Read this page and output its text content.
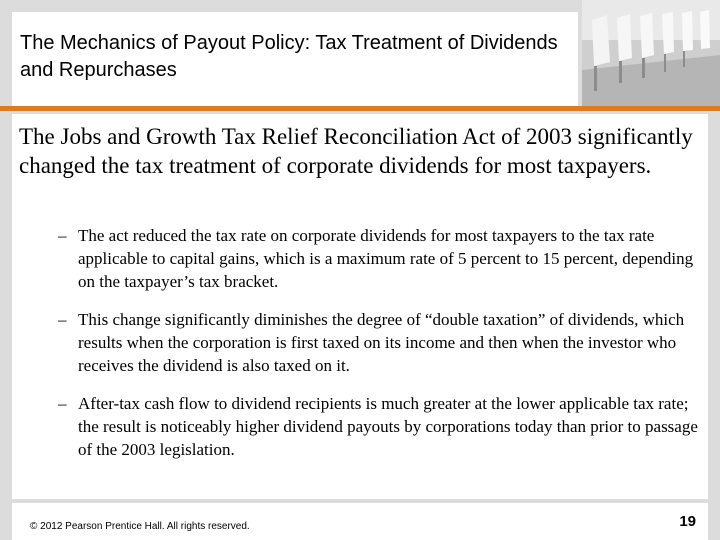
The Mechanics of Payout Policy: Tax Treatment of Dividends and Repurchases

The Jobs and Growth Tax Relief Reconciliation Act of 2003 significantly changed the tax treatment of corporate dividends for most taxpayers.

– The act reduced the tax rate on corporate dividends for most taxpayers to the tax rate applicable to capital gains, which is a maximum rate of 5 percent to 15 percent, depending on the taxpayer’s tax bracket.
– This change significantly diminishes the degree of “double taxation” of dividends, which results when the corporation is first taxed on its income and then when the investor who receives the dividend is also taxed on it.
– After-tax cash flow to dividend recipients is much greater at the lower applicable tax rate; the result is noticeably higher dividend payouts by corporations today than prior to passage of the 2003 legislation.
© 2012 Pearson Prentice Hall. All rights reserved.	19
